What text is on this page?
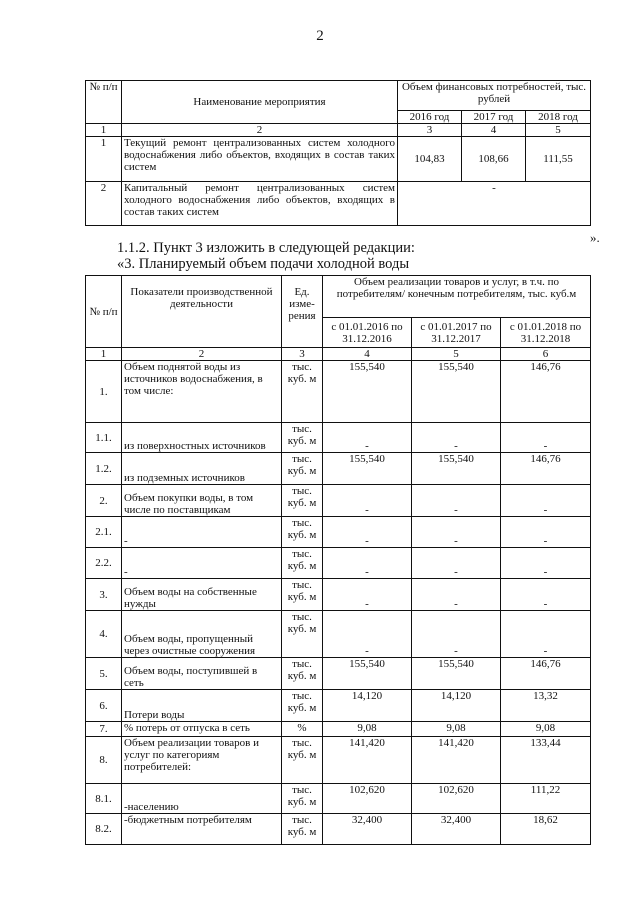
2
№ п/п	Наименование мероприятия	Объем финансовых потребностей, тыс. рублей		
		2016 год	2017 год	2018 год
1	2	3	4	5
1	Текущий ремонт централизованных систем холодного водоснабжения либо объектов, входящих в состав таких систем	104,83	108,66	111,55
2	Капитальный ремонт централизованных систем холодного водоснабжения либо объектов, входящих в состав таких систем	-		
».
1.1.2. Пункт 3 изложить в следующей редакции:
«3. Планируемый объем подачи холодной воды
№ п/п	Показатели производственной деятельности	Ед. изме-рения	Объем реализации товаров и услуг, в т.ч. по потребителям/ конечным потребителям, тыс. куб.м		
			с 01.01.2016 по 31.12.2016	с 01.01.2017 по 31.12.2017	с 01.01.2018 по 31.12.2018
1	2	3	4	5	6
1.	Объем поднятой воды из источников водоснабжения, в том числе:	тыс. куб. м	155,540	155,540	146,76
1.1.	из поверхностных источников	тыс. куб. м	-	-	-
1.2.	из подземных источников	тыс. куб. м	155,540	155,540	146,76
2.	Объем покупки воды, в том числе по поставщикам	тыс. куб. м	-	-	-
2.1.	-	тыс. куб. м	-	-	-
2.2.	-	тыс. куб. м	-	-	-
3.	Объем воды на собственные нужды	тыс. куб. м	-	-	-
4.	Объем воды, пропущенный через очистные сооружения	тыс. куб. м	-	-	-
5.	Объем воды, поступившей в сеть	тыс. куб. м	155,540	155,540	146,76
6.	Потери воды	тыс. куб. м	14,120	14,120	13,32
7.	% потерь от отпуска в сеть	%	9,08	9,08	9,08
8.	Объем реализации товаров и услуг по категориям потребителей:	тыс. куб. м	141,420	141,420	133,44
8.1.	-населению	тыс. куб. м	102,620	102,620	111,22
8.2.	-бюджетным потребителям	тыс. куб. м	32,400	32,400	18,62
